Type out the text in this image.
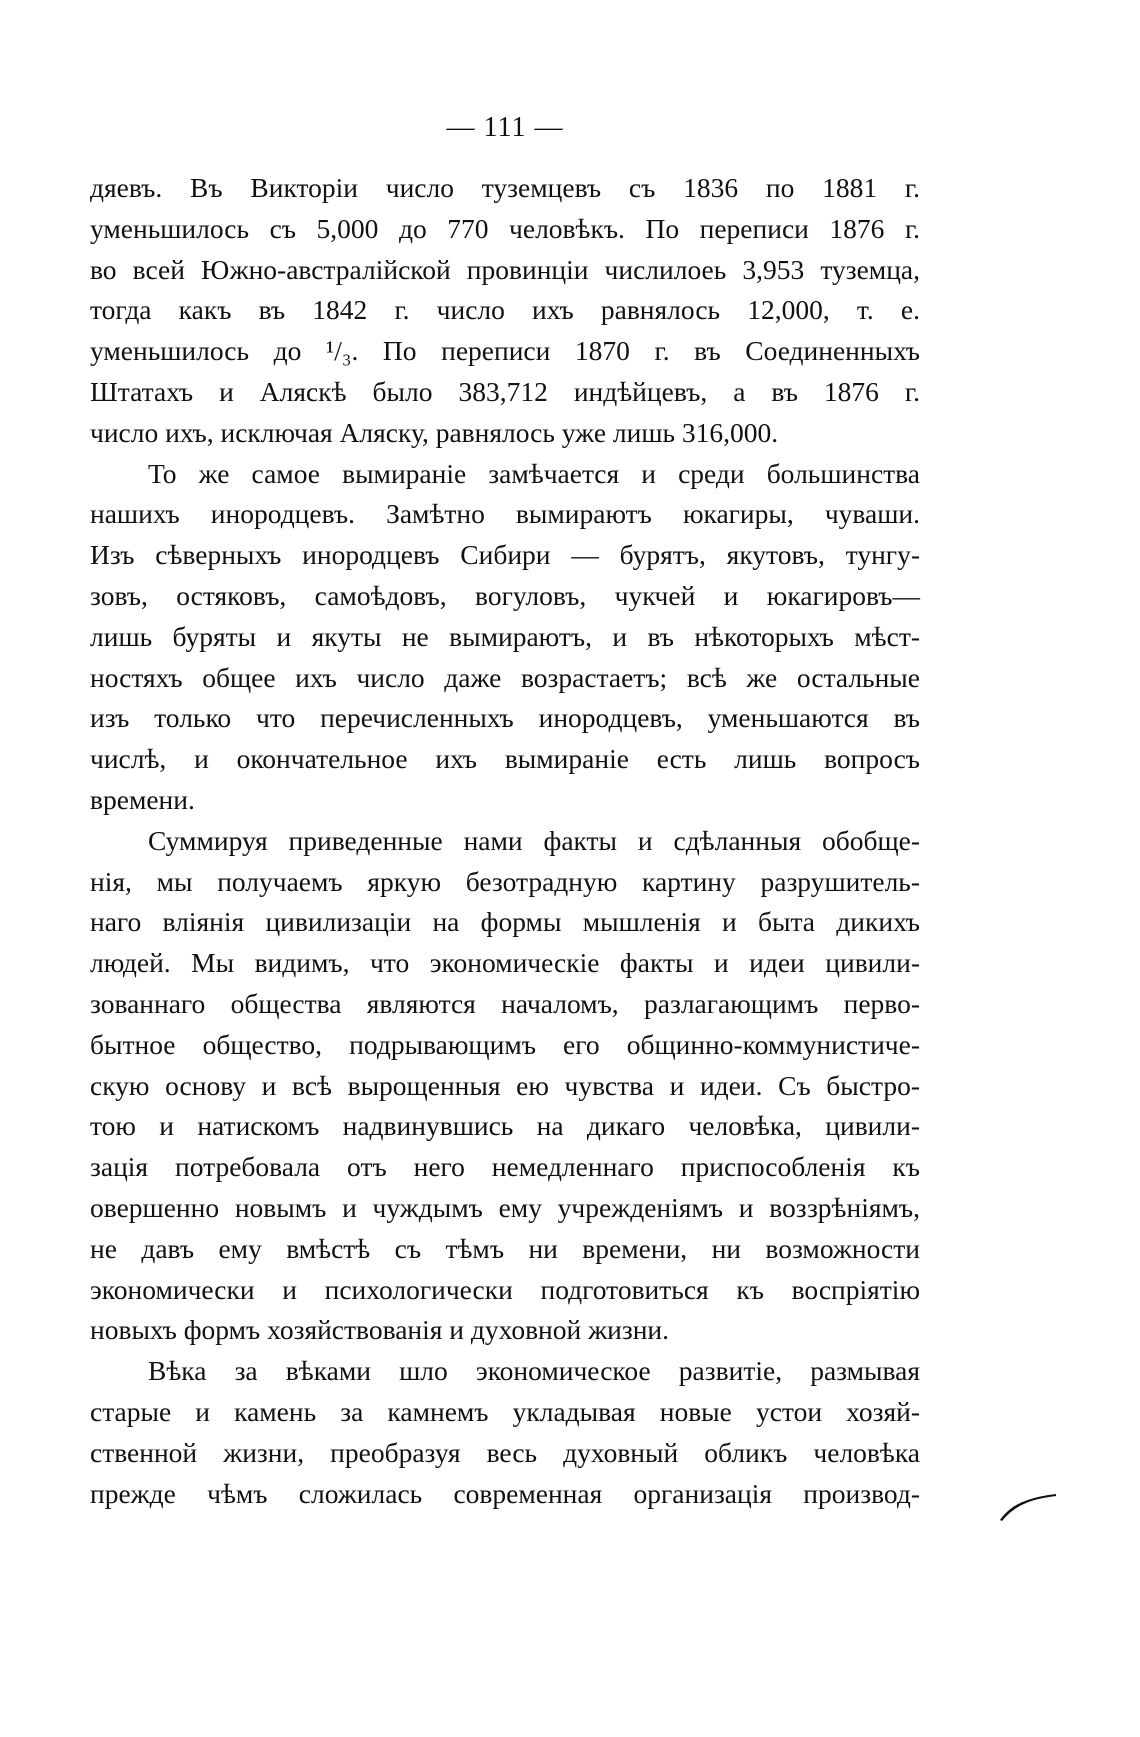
— 111 —
дяевъ. Въ Викторіи число туземцевъ съ 1836 по 1881 г.
уменьшилось съ 5,000 до 770 человѣкъ. По переписи 1876 г.
во всей Южно-австралійской провинціи числилоеь 3,953 туземца,
тогда какъ въ 1842 г. число ихъ равнялось 12,000, т. е.
уменьшилось до ¹/₃. По переписи 1870 г. въ Соединенныхъ
Штатахъ и Аляскѣ было 383,712 индѣйцевъ, а въ 1876 г.
число ихъ, исключая Аляску, равнялось уже лишь 316,000.
То же самое вымираніе замѣчается и среди большинства
нашихъ инородцевъ. Замѣтно вымираютъ юкагиры, чуваши.
Изъ сѣверныхъ инородцевъ Сибири — бурятъ, якутовъ, тунгу-
зовъ, остяковъ, самоѣдовъ, вогуловъ, чукчей и юкагировъ—
лишь буряты и якуты не вымираютъ, и въ нѣкоторыхъ мѣст-
ностяхъ общее ихъ число даже возрастаетъ; всѣ же остальные
изъ только что перечисленныхъ инородцевъ, уменьшаются въ
числѣ, и окончательное ихъ вымираніе есть лишь вопросъ
времени.
Суммируя приведенные нами факты и сдѣланныя обобще-
нія, мы получаемъ яркую безотрадную картину разрушитель-
наго вліянія цивилизаціи на формы мышленія и быта дикихъ
людей. Мы видимъ, что экономическіе факты и идеи цивили-
зованнаго общества являются началомъ, разлагающимъ перво-
бытное общество, подрывающимъ его общинно-коммунистиче-
скую основу и всѣ вырощенныя ею чувства и идеи. Съ быстро-
тою и натискомъ надвинувшись на дикаго человѣка, цивили-
зація потребовала отъ него немедленнаго приспособленія къ
овершенно новымъ и чуждымъ ему учрежденіямъ и воззрѣніямъ,
не давъ ему вмѣстѣ съ тѣмъ ни времени, ни возможности
экономически и психологически подготовиться къ воспріятію
новыхъ формъ хозяйствованія и духовной жизни.
Вѣка за вѣками шло экономическое развитіе, размывая
старые и камень за камнемъ укладывая новые устои хозяй-
ственной жизни, преобразуя весь духовный обликъ человѣка
прежде чѣмъ сложилась современная организація производ-
